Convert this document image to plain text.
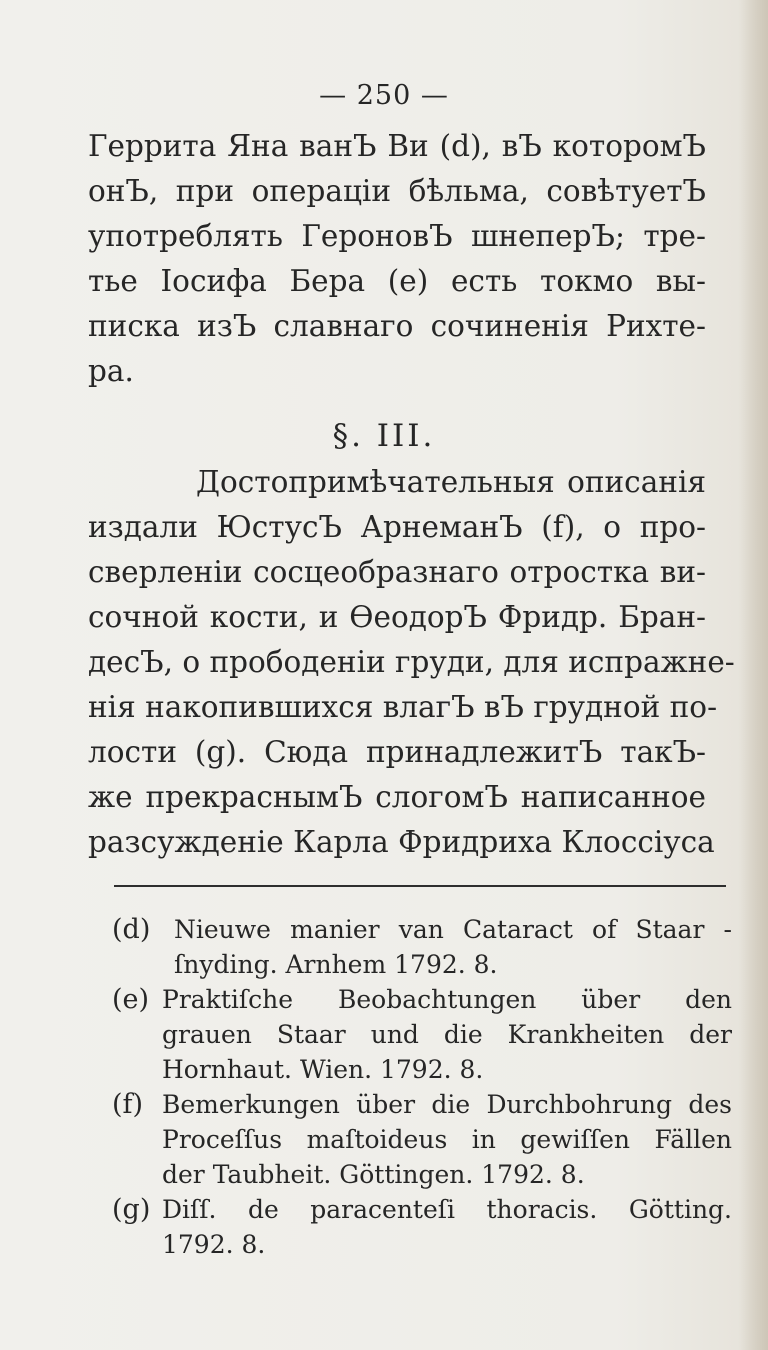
— 250 —
Геррита Яна ванЪ Ви (d), вЪ которомЪ
онЪ, при операціи бѣльма, совѣтуетЪ
употреблять ГероновЪ шнеперЪ; тре-
тье Іосифа Бера (е) есть токмо вы-
писка изЪ славнаго сочиненія Рихте-
ра.
§. III.
Достопримѣчательныя описанія
издали ЮстусЪ АрнеманЪ (f), о про-
сверленіи сосцеобразнаго отростка ви-
сочной кости, и ѲеодорЪ Фридр. Бран-
десЪ, о прободеніи груди, для испражне-
нія накопившихся влагЪ вЪ грудной по-
лости (g). Сюда принадлежитЪ такЪ-
же прекраснымЪ слогомЪ написанное
разсужденіе Карла Фридриха Клоссіуса
(d) Nieuwe manier van Cataract of Staar -
ſnyding. Arnhem 1792. 8.
(e) Praktiſche Beobachtungen über den
grauen Staar und die Krankheiten der
Hornhaut. Wien. 1792. 8.
(f) Bemerkungen über die Durchbohrung des
Proceſſus maſtoideus in gewiſſen Fällen
der Taubheit. Göttingen. 1792. 8.
(g) Diſſ. de paracenteſi thoracis. Götting.
1792. 8.
